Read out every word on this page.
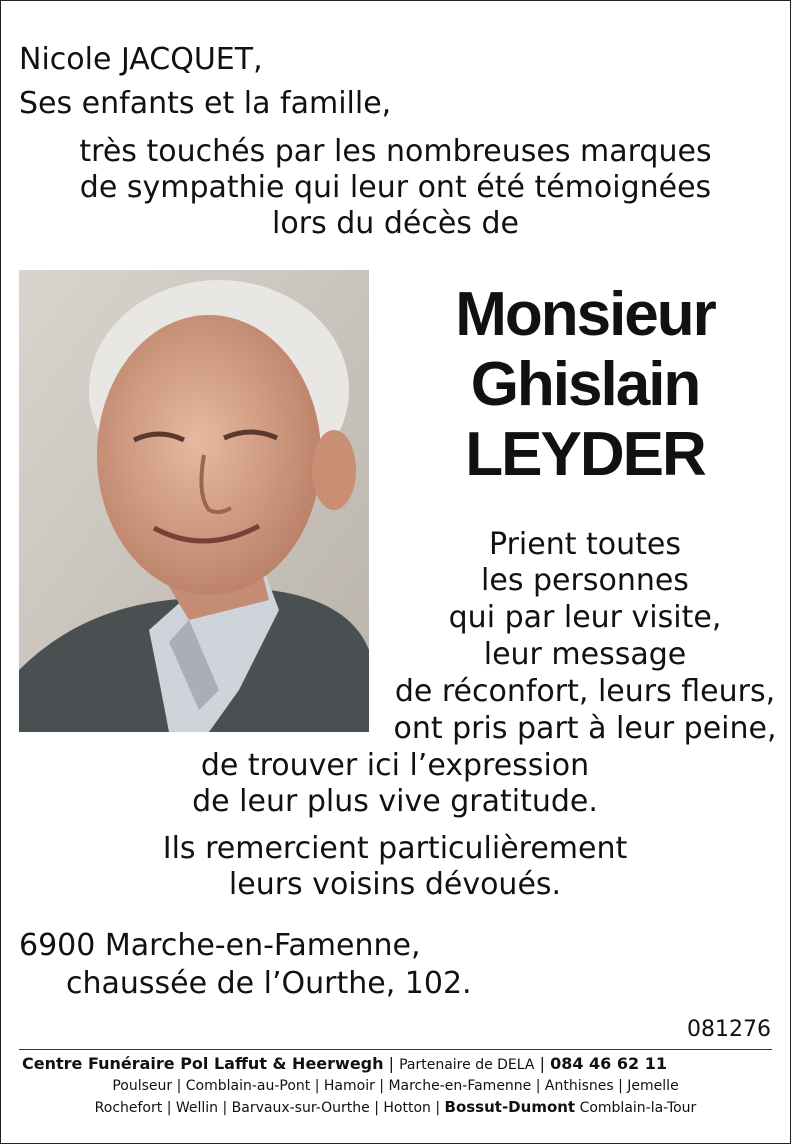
Nicole JACQUET,
Ses enfants et la famille,
très touchés par les nombreuses marques
de sympathie qui leur ont été témoignées
lors du décès de
Monsieur
Ghislain
LEYDER
Prient toutes
les personnes
qui par leur visite,
leur message
de réconfort, leurs fleurs,
ont pris part à leur peine,
de trouver ici l’expression
de leur plus vive gratitude.
Ils remercient particulièrement
leurs voisins dévoués.
6900 Marche-en-Famenne,
chaussée de l’Ourthe, 102.
081276
Centre Funéraire Pol Laffut & Heerwegh | Partenaire de DELA | 084 46 62 11
Poulseur | Comblain-au-Pont | Hamoir | Marche-en-Famenne | Anthisnes | Jemelle
Rochefort | Wellin | Barvaux-sur-Ourthe | Hotton | Bossut-Dumont Comblain-la-Tour
